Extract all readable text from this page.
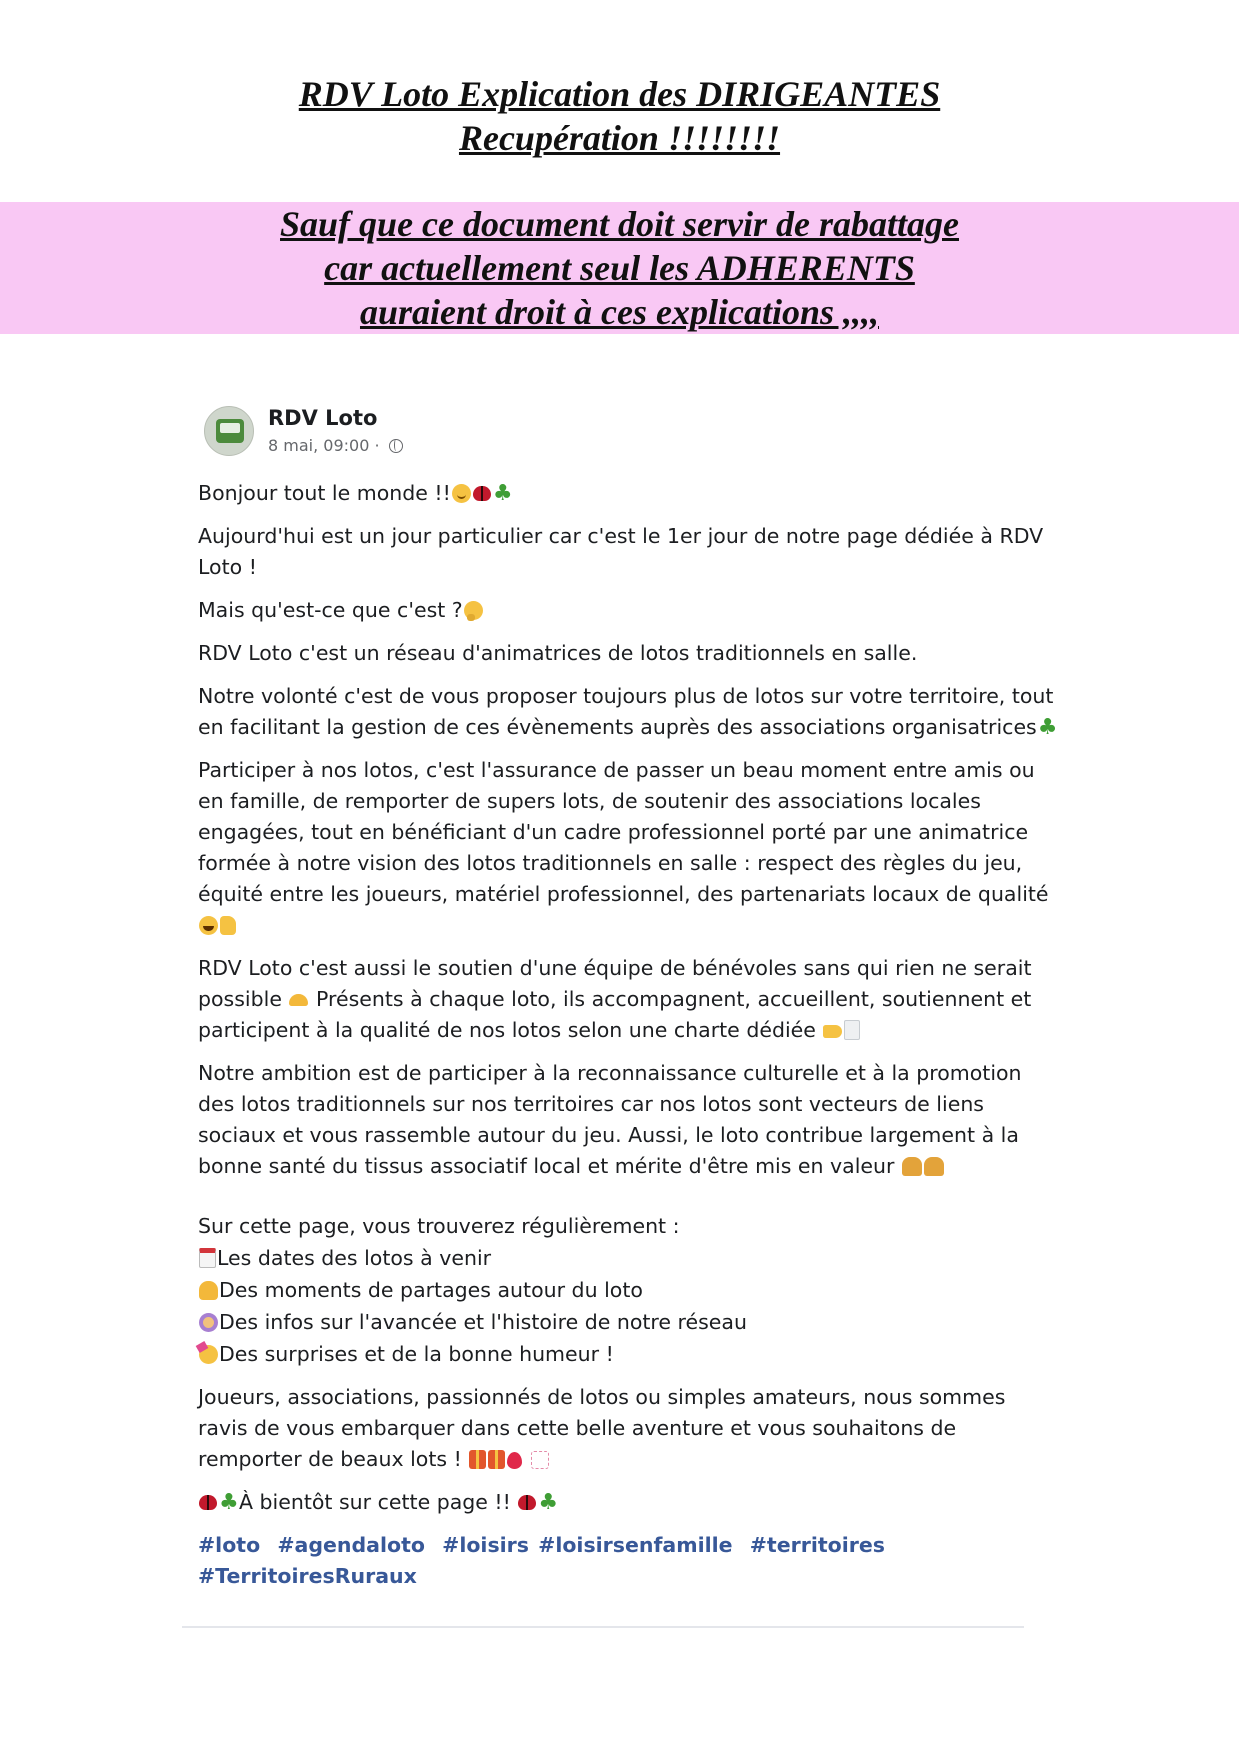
RDV Loto Explication des DIRIGEANTES
Recupération !!!!!!!!
Sauf que ce document doit servir de rabattage
car actuellement seul les ADHERENTS
auraient droit à ces explications ,,,,
RDV Loto
8 mai, 09:00 ·

Bonjour tout le monde !!♣

Aujourd'hui est un jour particulier car c'est le 1er jour de notre page dédiée à RDV Loto !

Mais qu'est-ce que c'est ?

RDV Loto c'est un réseau d'animatrices de lotos traditionnels en salle.

Notre volonté c'est de vous proposer toujours plus de lotos sur votre territoire, tout en facilitant la gestion de ces évènements auprès des associations organisatrices♣

Participer à nos lotos, c'est l'assurance de passer un beau moment entre amis ou en famille, de remporter de supers lots, de soutenir des associations locales engagées, tout en bénéficiant d'un cadre professionnel porté par une animatrice formée à notre vision des lotos traditionnels en salle : respect des règles du jeu, équité entre les joueurs, matériel professionnel, des partenariats locaux de qualité

RDV Loto c'est aussi le soutien d'une équipe de bénévoles sans qui rien ne serait possible Présents à chaque loto, ils accompagnent, accueillent, soutiennent et participent à la qualité de nos lotos selon une charte dédiée

Notre ambition est de participer à la reconnaissance culturelle et à la promotion des lotos traditionnels sur nos territoires car nos lotos sont vecteurs de liens sociaux et vous rassemble autour du jeu. Aussi, le loto contribue largement à la bonne santé du tissus associatif local et mérite d'être mis en valeur

Sur cette page, vous trouverez régulièrement :
Les dates des lotos à venir
Des moments de partages autour du loto
Des infos sur l'avancée et l'histoire de notre réseau
Des surprises et de la bonne humeur !

Joueurs, associations, passionnés de lotos ou simples amateurs, nous sommes ravis de vous embarquer dans cette belle aventure et vous souhaitons de remporter de beaux lots !

♣À bientôt sur cette page !! ♣

#loto #agendaloto #loisirs #loisirsenfamille #territoires #TerritoiresRuraux
